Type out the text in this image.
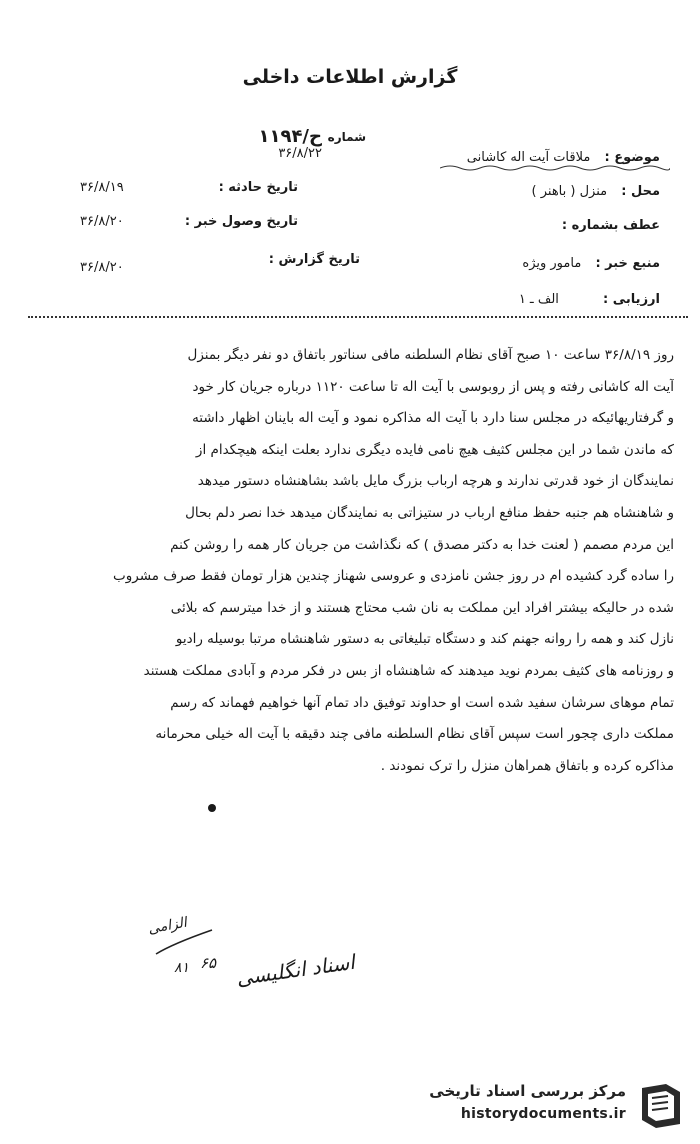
گزارش اطلاعات داخلی
موضوع : ملاقات آیت اله کاشانی
محل : منزل ( باهنر )
عطف بشماره :
منبع خبر : مامور ویژه
ارزیابی : الف ـ ۱
شماره
۱۱۹۴/ح
۳۶/۸/۲۲
تاریخ حادثه :
تاریخ وصول خبر :
تاریخ گزارش :
۳۶/۸/۱۹
۳۶/۸/۲۰
۳۶/۸/۲۰

روز ۳۶/۸/۱۹ ساعت ۱۰ صبح آقای نظام السلطنه مافی سناتور باتفاق دو نفر دیگر بمنزل

آیت اله کاشانی رفته و پس از روبوسی با آیت اله تا ساعت ۱۱۲۰ درباره جریان کار خود

و گرفتاریهائیکه در مجلس سنا دارد با آیت اله مذاکره نمود و آیت اله باینان اظهار داشته

که ماندن شما در این مجلس کثیف هیچ نامی فایده دیگری ندارد بعلت اینکه هیچکدام از

نمایندگان از خود قدرتی ندارند و هرچه ارباب بزرگ مایل باشد بشاهنشاه دستور میدهد

و شاهنشاه هم جنبه حفظ منافع ارباب در ستیزاتی به نمایندگان میدهد خدا نصر دلم بحال

این مردم مصمم ( لعنت خدا به دکتر مصدق ) که نگذاشت من جریان کار همه را روشن کنم

را ساده گرد کشیده ام در روز جشن نامزدی و عروسی شهناز چندین هزار تومان فقط صرف مشروب

شده در حالیکه بیشتر افراد این مملکت به نان شب محتاج هستند و از خدا میترسم که بلائی

نازل کند و همه را روانه جهنم کند و دستگاه تبلیغاتی به دستور شاهنشاه مرتبا بوسیله رادیو

و روزنامه های کثیف بمردم نوید میدهند که شاهنشاه از بس در فکر مردم و آبادی مملکت هستند

تمام موهای سرشان سفید شده است او حداوند توفیق داد تمام آنها خواهیم فهماند که رسم

مملکت داری چجور است سپس آقای نظام السلطنه مافی چند دقیقه با آیت اله خیلی محرمانه

مذاکره کرده و باتفاق همراهان منزل را ترک نمودند .

الزامی
۸۱ ۶۵ اسناد انگلیسی
مرکز بررسی اسناد تاریخی
historydocuments.ir
